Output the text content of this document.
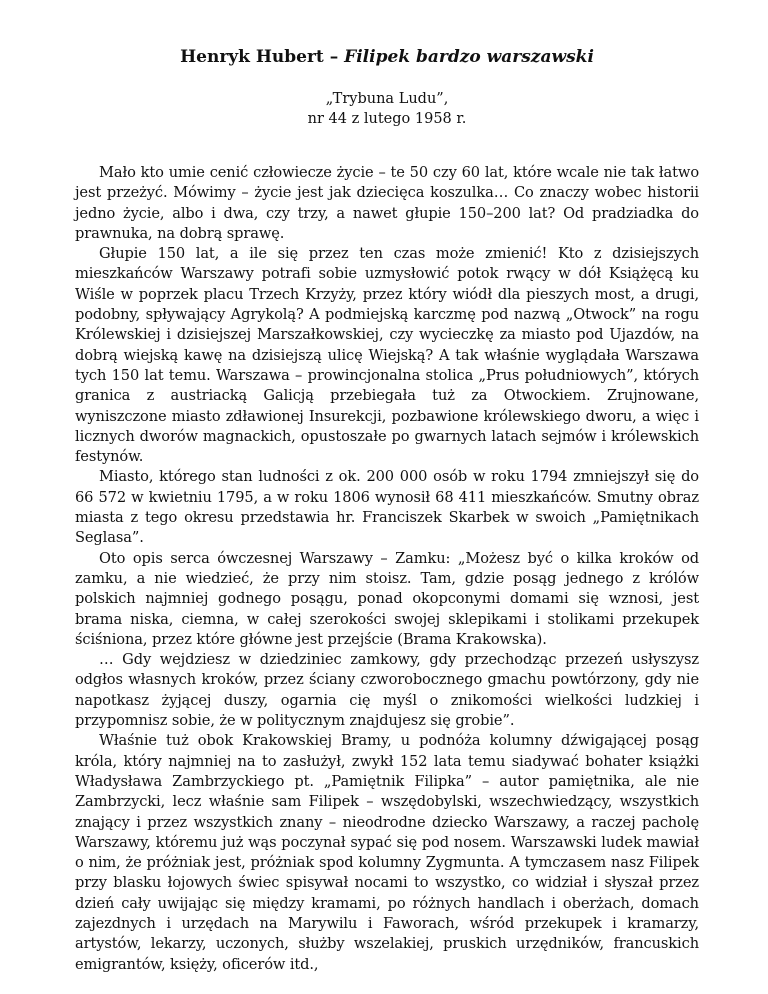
Henryk Hubert – Filipek bardzo warszawski
„Trybuna Ludu”,
nr 44 z lutego 1958 r.

Mało kto umie cenić człowiecze życie – te 50 czy 60 lat, które wcale nie tak łatwo jest przeżyć. Mówimy – życie jest jak dziecięca koszulka… Co znaczy wobec historii jedno życie, albo i dwa, czy trzy, a nawet głupie 150–200 lat? Od pradziadka do prawnuka, na dobrą sprawę.

Głupie 150 lat, a ile się przez ten czas może zmienić! Kto z dzisiejszych mieszkańców Warszawy potrafi sobie uzmysłowić potok rwący w dół Książęcą ku Wiśle w poprzek placu Trzech Krzyży, przez który wiódł dla pieszych most, a drugi, podobny, spływający Agrykolą? A podmiejską karczmę pod nazwą „Otwock” na rogu Królewskiej i dzisiejszej Marszałkowskiej, czy wycieczkę za miasto pod Ujazdów, na dobrą wiejską kawę na dzisiejszą ulicę Wiejską? A tak właśnie wyglądała Warszawa tych 150 lat temu. Warszawa – prowincjonalna stolica „Prus południowych”, których granica z austriacką Galicją przebiegała tuż za Otwockiem. Zrujnowane, wyniszczone miasto zdławionej Insurekcji, pozbawione królewskiego dworu, a więc i licznych dworów magnackich, opustoszałe po gwarnych latach sejmów i królewskich festynów.

Miasto, którego stan ludności z ok. 200 000 osób w roku 1794 zmniejszył się do 66 572 w kwietniu 1795, a w roku 1806 wynosił 68 411 mieszkańców. Smutny obraz miasta z tego okresu przedstawia hr. Franciszek Skarbek w swoich „Pamiętnikach Seglasa”.

Oto opis serca ówczesnej Warszawy – Zamku: „Możesz być o kilka kroków od zamku, a nie wiedzieć, że przy nim stoisz. Tam, gdzie posąg jednego z królów polskich najmniej godnego posągu, ponad okopconymi domami się wznosi, jest brama niska, ciemna, w całej szerokości swojej sklepikami i stolikami przekupek ściśniona, przez które główne jest przejście (Brama Krakowska).

… Gdy wejdziesz w dziedziniec zamkowy, gdy przechodząc przezeń usłyszysz odgłos własnych kroków, przez ściany czworobocznego gmachu powtórzony, gdy nie napotkasz żyjącej duszy, ogarnia cię myśl o znikomości wielkości ludzkiej i przypomnisz sobie, że w politycznym znajdujesz się grobie”.

Właśnie tuż obok Krakowskiej Bramy, u podnóża kolumny dźwigającej posąg króla, który najmniej na to zasłużył, zwykł 152 lata temu siadywać bohater książki Władysława Zambrzyckiego pt. „Pamiętnik Filipka” – autor pamiętnika, ale nie Zambrzycki, lecz właśnie sam Filipek – wszędobylski, wszechwiedzący, wszystkich znający i przez wszystkich znany – nieodrodne dziecko Warszawy, a raczej pacholę Warszawy, któremu już wąs poczynał sypać się pod nosem. Warszawski ludek mawiał o nim, że próżniak jest, próżniak spod kolumny Zygmunta. A tymczasem nasz Filipek przy blasku łojowych świec spisywał nocami to wszystko, co widział i słyszał przez dzień cały uwijając się między kramami, po różnych handlach i oberżach, domach zajezdnych i urzędach na Marywilu i Faworach, wśród przekupek i kramarzy, artystów, lekarzy, uczonych, służby wszelakiej, pruskich urzędników, francuskich emigrantów, księży, oficerów itd.,
